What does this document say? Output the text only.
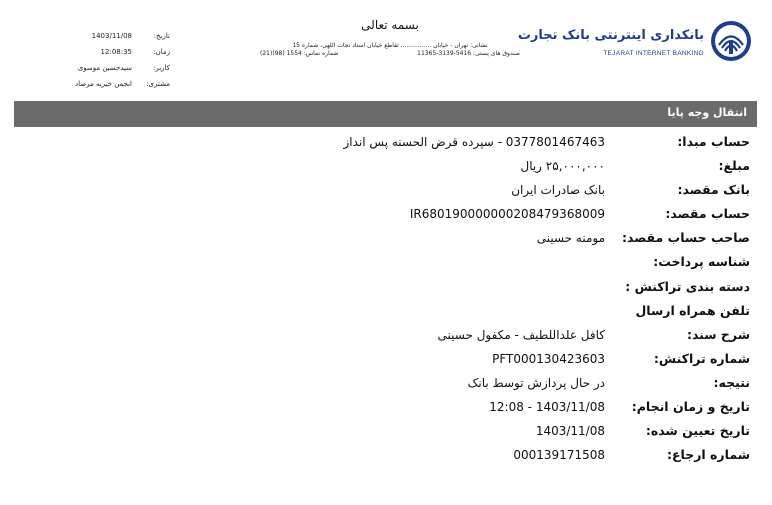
تاریخ:
1403/11/08
زمان:
12:08:35
کاربر:
سیدحسین موسوی
مشتری:
انجمن خیریه مرصاد
بسمه تعالی
نشانی: تهران - خیابان ...............، تقاطع خیابان استاد نجات اللهی، شماره 15
صندوق های پستی: 5416-3139-11365
شماره تماس: 1554 (98)(21)
بانکداری اینترنتی بانک تجارت
TEJARAT INTERNET BANKING
انتقال وجه پایا
حساب مبدا:
0377801467463 - سپرده قرض الحسنه پس انداز
مبلغ:
۲۵,۰۰۰,۰۰۰ ریال
بانک مقصد:
بانک صادرات ایران
حساب مقصد:
IR680190000000208479368009
صاحب حساب مقصد:
مومنه حسینی
شناسه پرداخت:
دسته بندی تراکنش :
تلفن همراه ارسال
شرح سند:
کافل علداللطیف - مکفول حسینی
شماره تراکنش:
PFT000130423603
نتیجه:
در حال پردازش توسط بانک
تاریخ و زمان انجام:
1403/11/08 - 12:08
تاریخ تعیین شده:
1403/11/08
شماره ارجاع:
000139171508
